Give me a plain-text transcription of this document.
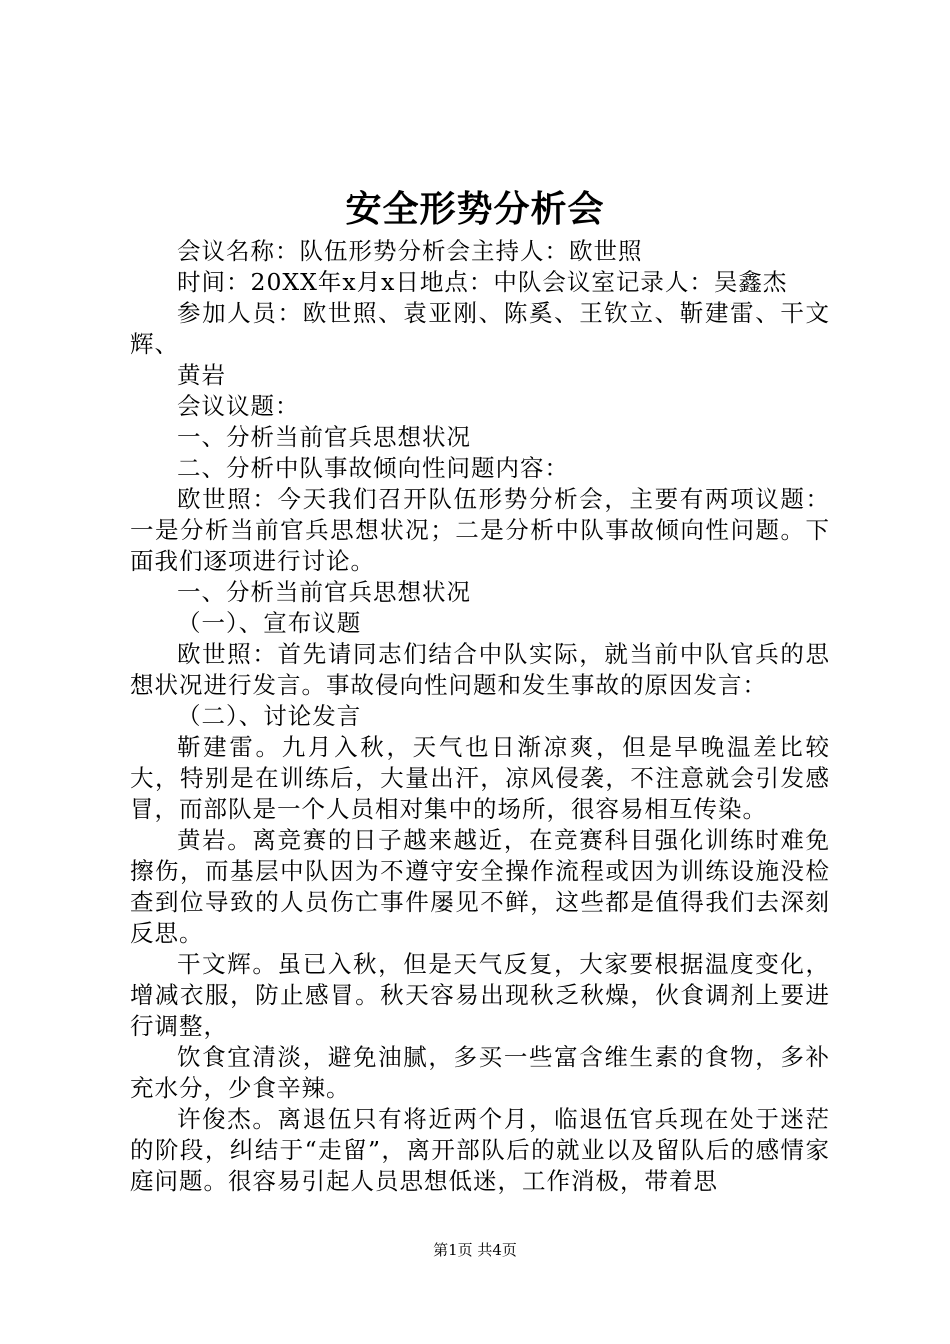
安全形势分析会

会议名称：队伍形势分析会主持人：欧世照

时间：20XX年x月x日地点：中队会议室记录人：吴鑫杰

参加人员：欧世照、袁亚刚、陈奚、王钦立、靳建雷、干文辉、

黄岩

会议议题：

一、分析当前官兵思想状况

二、分析中队事故倾向性问题内容：

欧世照：今天我们召开队伍形势分析会，主要有两项议题：一是分析当前官兵思想状况；二是分析中队事故倾向性问题。下面我们逐项进行讨论。

一、分析当前官兵思想状况

（一）、宣布议题

欧世照：首先请同志们结合中队实际，就当前中队官兵的思想状况进行发言。事故侵向性问题和发生事故的原因发言：

（二）、讨论发言

靳建雷。九月入秋，天气也日渐凉爽，但是早晚温差比较大，特别是在训练后，大量出汗，凉风侵袭，不注意就会引发感冒，而部队是一个人员相对集中的场所，很容易相互传染。

黄岩。离竞赛的日子越来越近，在竞赛科目强化训练时难免擦伤，而基层中队因为不遵守安全操作流程或因为训练设施没检查到位导致的人员伤亡事件屡见不鲜，这些都是值得我们去深刻反思。

干文辉。虽已入秋，但是天气反复，大家要根据温度变化，增减衣服，防止感冒。秋天容易出现秋乏秋燥，伙食调剂上要进行调整，

饮食宜清淡，避免油腻，多买一些富含维生素的食物，多补充水分，少食辛辣。

许俊杰。离退伍只有将近两个月，临退伍官兵现在处于迷茫的阶段，纠结于“走留”，离开部队后的就业以及留队后的感情家庭问题。很容易引起人员思想低迷，工作消极，带着思

第1页 共4页
